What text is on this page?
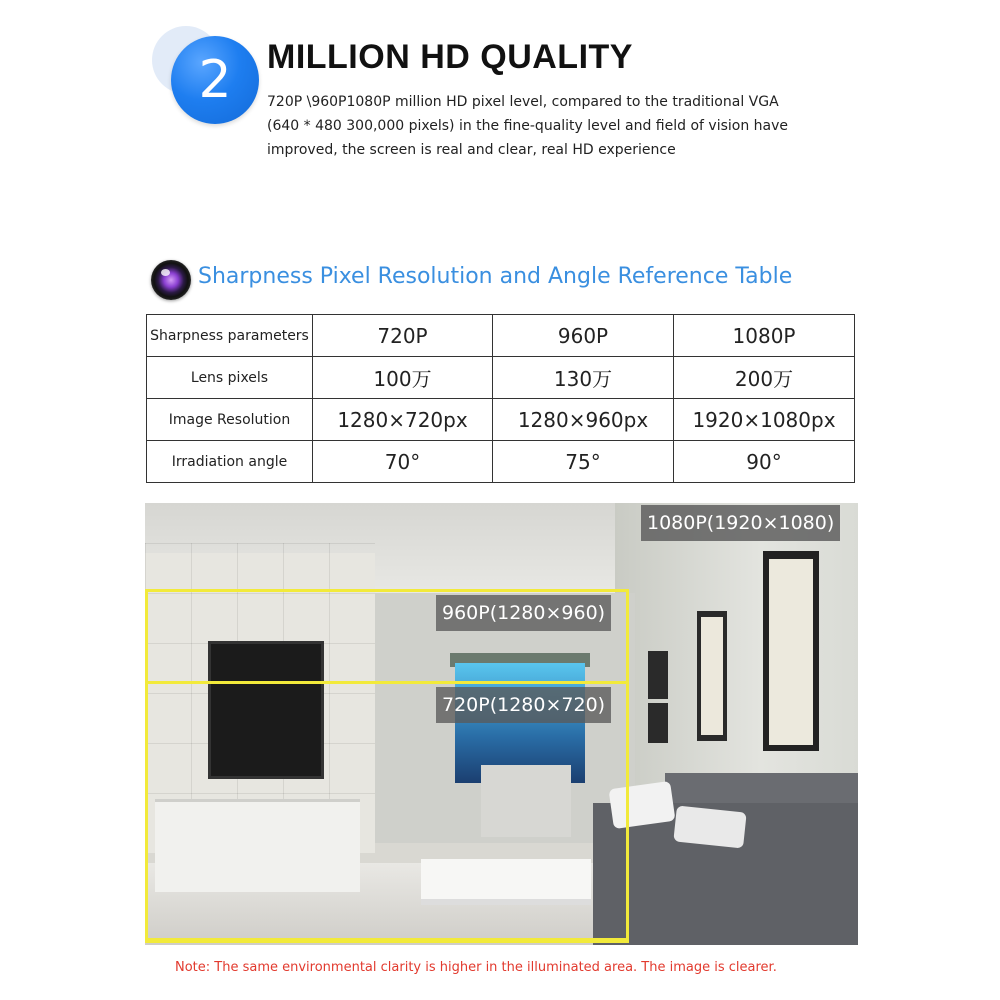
2	MILLION HD QUALITY

720P \960P1080P million HD pixel level, compared to the traditional VGA (640 * 480 300,000 pixels) in the fine-quality level and field of vision have improved, the screen is real and clear, real HD experience

Sharpness Pixel Resolution and Angle Reference Table
Sharpness parameters	720P	960P	1080P
Lens pixels	100万	130万	200万
Image Resolution	1280×720px	1280×960px	1920×1080px
Irradiation angle	70°	75°	90°
1080P(1920×1080)
960P(1280×960)
720P(1280×720)

Note: The same environmental clarity is higher in the illuminated area. The image is clearer.
